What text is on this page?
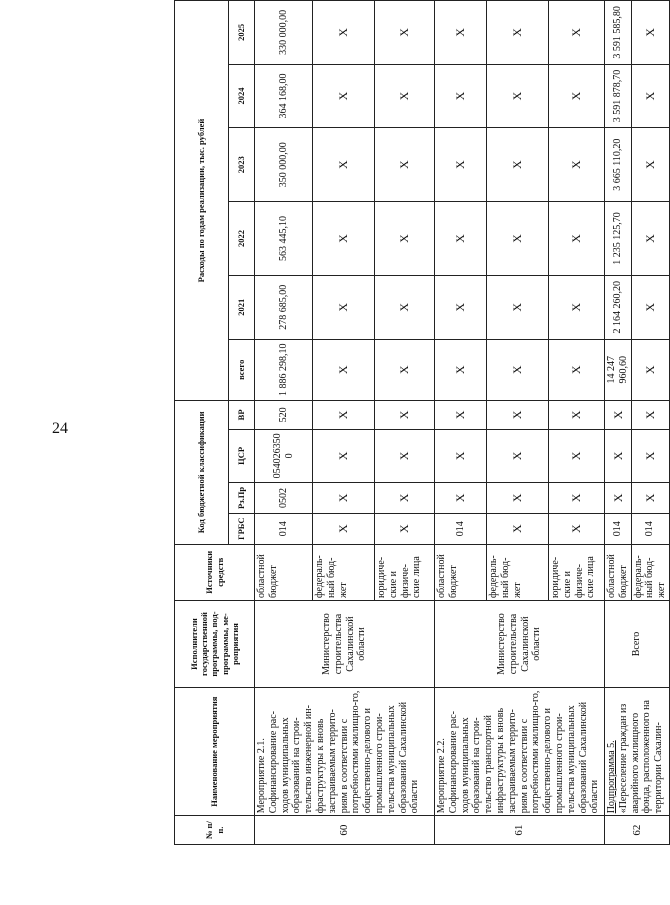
24
№ п/п.	Наименование мероприятия	Исполнители государственной программы, под-программы, ме-роприятия	Источники средств	Код бюджетной классификации				Расходы по годам реализации, тыс. рублей					
				ГРБС	Рз.Пр	ЦСР	ВР	всего	2021	2022	2023	2024	2025
60	Мероприятие 2.1. Софинансирование рас-ходов муниципальных образований на строи-тельство инженерной ин-фраструктуры к вновь застраиваемым террито-риям в соответствии с потребностями жилищно-го, общественно-делового и промышленного строи-тельства муниципальных образований Сахалинской области	Министерство строительства Сахалинской области	областной бюджет	014	0502	054026350 0	520	1 886 298,10	278 685,00	563 445,10	350 000,00	364 168,00	330 000,00
			федераль-ный бюд-жет	X	X	X	X	X	X	X	X	X	X
			юридиче-ские и физиче-ские лица	X	X	X	X	X	X	X	X	X	X
61	Мероприятие 2.2. Софинансирование рас-ходов муниципальных образований на строи-тельство транспортной инфраструктуры к вновь застраиваемым террито-риям в соответствии с потребностями жилищно-го, общественно-делового и промышленного строи-тельства муниципальных образований Сахалинской области	Министерство строительства Сахалинской области	областной бюджет	014	X	X	X	X	X	X	X	X	X
			федераль-ный бюд-жет	X	X	X	X	X	X	X	X	X	X
			юридиче-ские и физиче-ские лица	X	X	X	X	X	X	X	X	X	X
62	Подпрограмма 5. «Переселение граждан из аварийного жилищного фонда, расположенного на территории Сахалин-	Всего	областной бюджет	014	X	X	X	14 247 960,60	2 164 260,20	1 235 125,70	3 665 110,20	3 591 878,70	3 591 585,80
			федераль-ный бюд-жет	014	X	X	X	X	X	X	X	X	X
